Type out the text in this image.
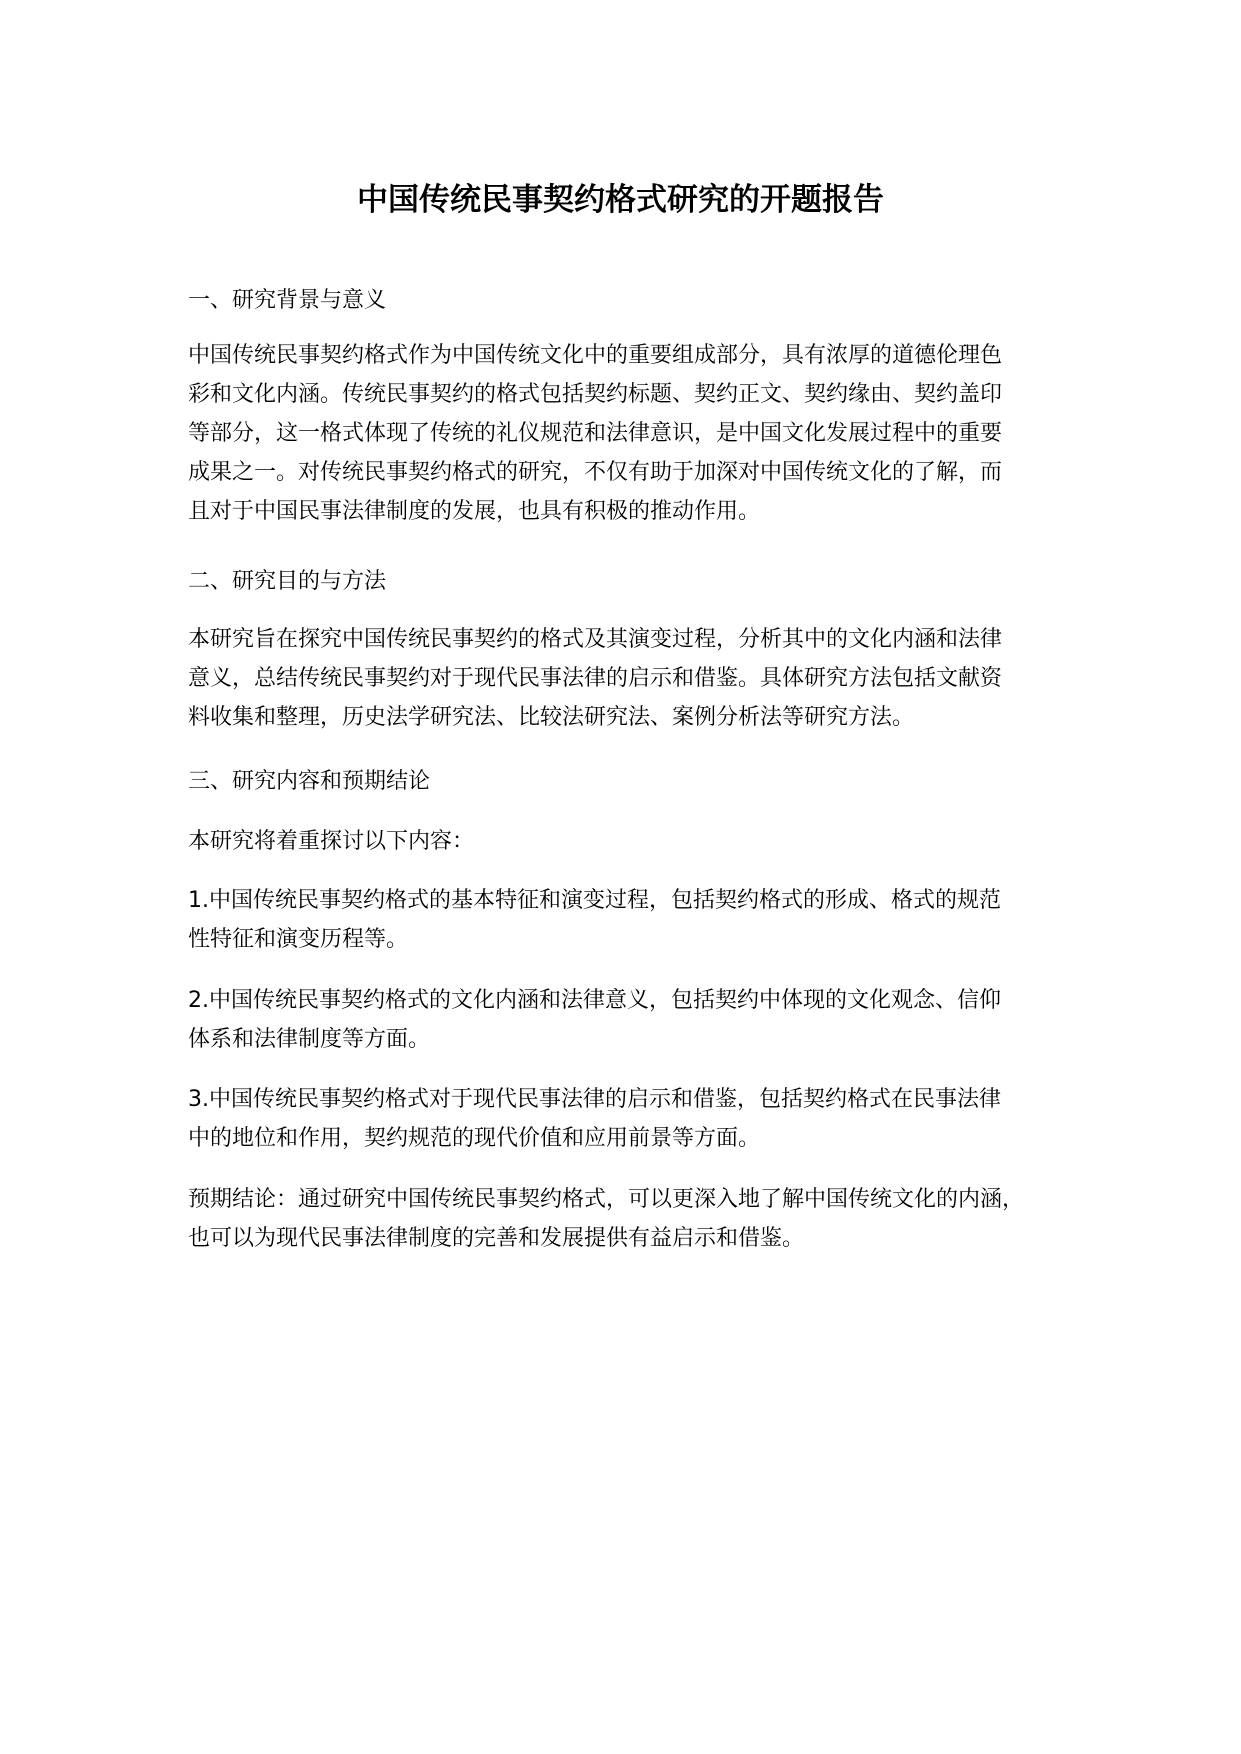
中国传统民事契约格式研究的开题报告

一、研究背景与意义

中国传统民事契约格式作为中国传统文化中的重要组成部分，具有浓厚的道德伦理色
彩和文化内涵。传统民事契约的格式包括契约标题、契约正文、契约缘由、契约盖印
等部分，这一格式体现了传统的礼仪规范和法律意识，是中国文化发展过程中的重要
成果之一。对传统民事契约格式的研究，不仅有助于加深对中国传统文化的了解，而
且对于中国民事法律制度的发展，也具有积极的推动作用。

二、研究目的与方法

本研究旨在探究中国传统民事契约的格式及其演变过程，分析其中的文化内涵和法律
意义，总结传统民事契约对于现代民事法律的启示和借鉴。具体研究方法包括文献资
料收集和整理，历史法学研究法、比较法研究法、案例分析法等研究方法。

三、研究内容和预期结论

本研究将着重探讨以下内容：

1.中国传统民事契约格式的基本特征和演变过程，包括契约格式的形成、格式的规范
性特征和演变历程等。

2.中国传统民事契约格式的文化内涵和法律意义，包括契约中体现的文化观念、信仰
体系和法律制度等方面。

3.中国传统民事契约格式对于现代民事法律的启示和借鉴，包括契约格式在民事法律
中的地位和作用，契约规范的现代价值和应用前景等方面。

预期结论：通过研究中国传统民事契约格式，可以更深入地了解中国传统文化的内涵，
也可以为现代民事法律制度的完善和发展提供有益启示和借鉴。
